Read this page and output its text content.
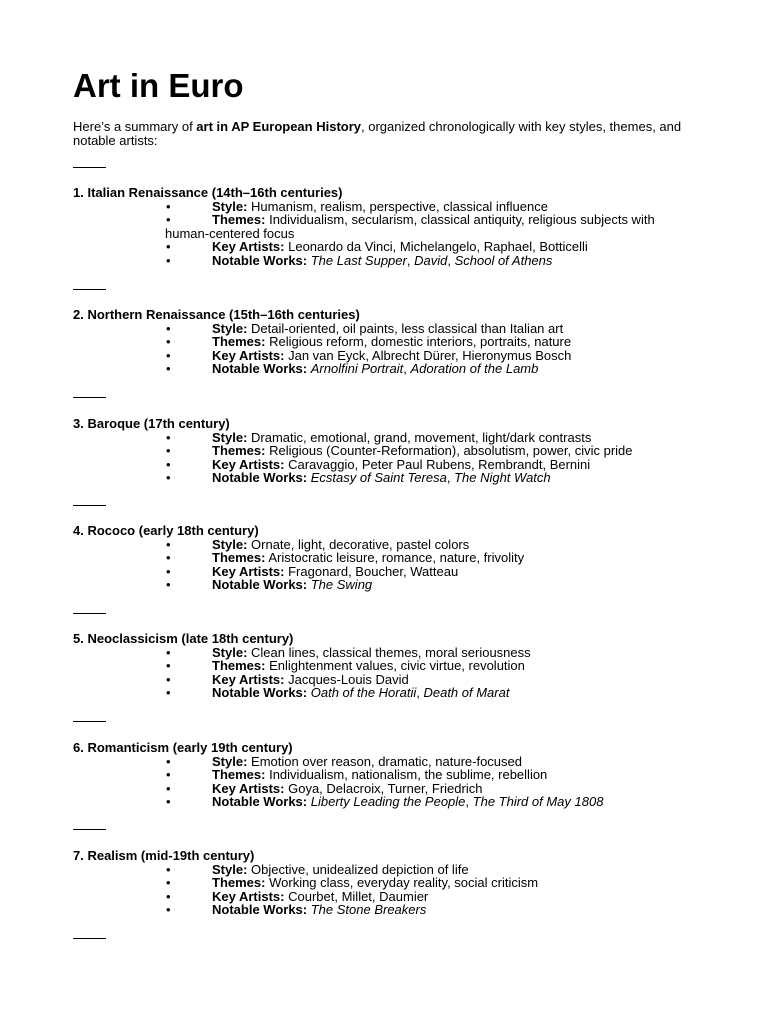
Art in Euro

Here’s a summary of art in AP European History, organized chronologically with key styles, themes, and notable artists:

1. Italian Renaissance (14th–16th centuries)

•	Style: Humanism, realism, perspective, classical influence
•	Themes: Individualism, secularism, classical antiquity, religious subjects with
human-centered focus
•	Key Artists: Leonardo da Vinci, Michelangelo, Raphael, Botticelli
•	Notable Works: The Last Supper, David, School of Athens

2. Northern Renaissance (15th–16th centuries)

•	Style: Detail-oriented, oil paints, less classical than Italian art
•	Themes: Religious reform, domestic interiors, portraits, nature
•	Key Artists: Jan van Eyck, Albrecht Dürer, Hieronymus Bosch
•	Notable Works: Arnolfini Portrait, Adoration of the Lamb

3. Baroque (17th century)

•	Style: Dramatic, emotional, grand, movement, light/dark contrasts
•	Themes: Religious (Counter-Reformation), absolutism, power, civic pride
•	Key Artists: Caravaggio, Peter Paul Rubens, Rembrandt, Bernini
•	Notable Works: Ecstasy of Saint Teresa, The Night Watch

4. Rococo (early 18th century)

•	Style: Ornate, light, decorative, pastel colors
•	Themes: Aristocratic leisure, romance, nature, frivolity
•	Key Artists: Fragonard, Boucher, Watteau
•	Notable Works: The Swing

5. Neoclassicism (late 18th century)

•	Style: Clean lines, classical themes, moral seriousness
•	Themes: Enlightenment values, civic virtue, revolution
•	Key Artists: Jacques-Louis David
•	Notable Works: Oath of the Horatii, Death of Marat

6. Romanticism (early 19th century)

•	Style: Emotion over reason, dramatic, nature-focused
•	Themes: Individualism, nationalism, the sublime, rebellion
•	Key Artists: Goya, Delacroix, Turner, Friedrich
•	Notable Works: Liberty Leading the People, The Third of May 1808

7. Realism (mid-19th century)

•	Style: Objective, unidealized depiction of life
•	Themes: Working class, everyday reality, social criticism
•	Key Artists: Courbet, Millet, Daumier
•	Notable Works: The Stone Breakers
